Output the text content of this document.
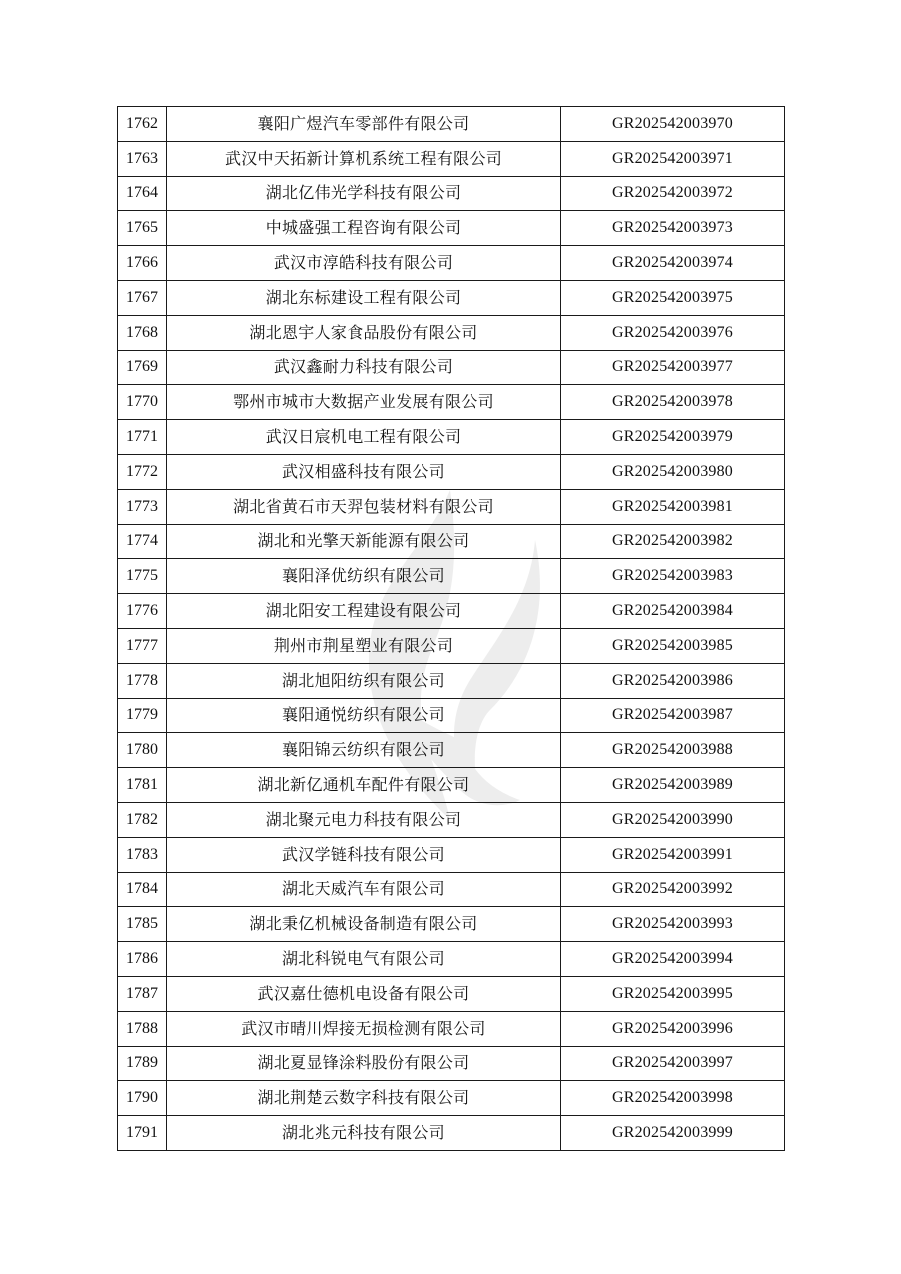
1762	襄阳广煜汽车零部件有限公司	GR202542003970
1763	武汉中天拓新计算机系统工程有限公司	GR202542003971
1764	湖北亿伟光学科技有限公司	GR202542003972
1765	中城盛强工程咨询有限公司	GR202542003973
1766	武汉市淳皓科技有限公司	GR202542003974
1767	湖北东标建设工程有限公司	GR202542003975
1768	湖北恩宇人家食品股份有限公司	GR202542003976
1769	武汉鑫耐力科技有限公司	GR202542003977
1770	鄂州市城市大数据产业发展有限公司	GR202542003978
1771	武汉日宸机电工程有限公司	GR202542003979
1772	武汉相盛科技有限公司	GR202542003980
1773	湖北省黄石市天羿包装材料有限公司	GR202542003981
1774	湖北和光擎天新能源有限公司	GR202542003982
1775	襄阳泽优纺织有限公司	GR202542003983
1776	湖北阳安工程建设有限公司	GR202542003984
1777	荆州市荆星塑业有限公司	GR202542003985
1778	湖北旭阳纺织有限公司	GR202542003986
1779	襄阳通悦纺织有限公司	GR202542003987
1780	襄阳锦云纺织有限公司	GR202542003988
1781	湖北新亿通机车配件有限公司	GR202542003989
1782	湖北聚元电力科技有限公司	GR202542003990
1783	武汉学链科技有限公司	GR202542003991
1784	湖北天威汽车有限公司	GR202542003992
1785	湖北秉亿机械设备制造有限公司	GR202542003993
1786	湖北科锐电气有限公司	GR202542003994
1787	武汉嘉仕德机电设备有限公司	GR202542003995
1788	武汉市晴川焊接无损检测有限公司	GR202542003996
1789	湖北夏显锋涂料股份有限公司	GR202542003997
1790	湖北荆楚云数字科技有限公司	GR202542003998
1791	湖北兆元科技有限公司	GR202542003999
